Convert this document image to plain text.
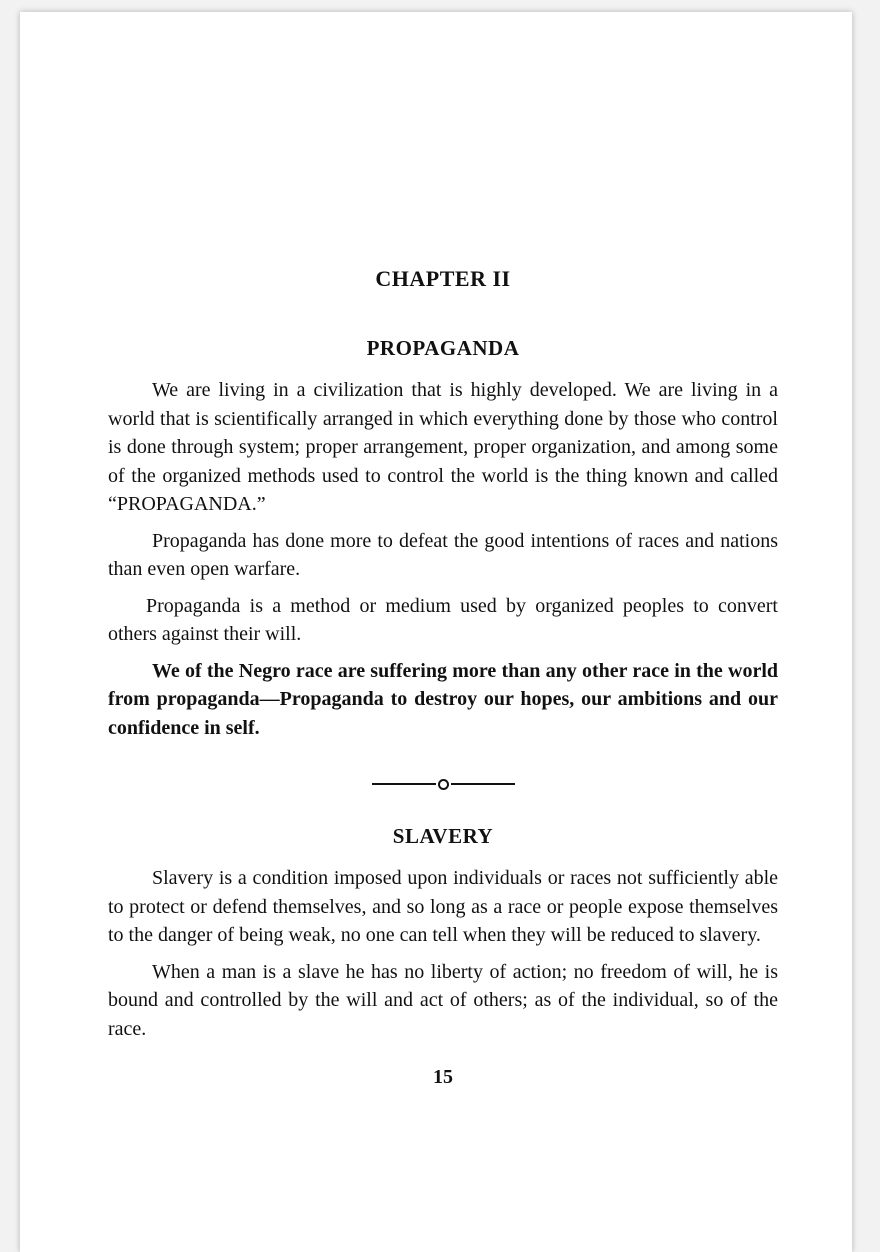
CHAPTER II
PROPAGANDA

We are living in a civilization that is highly developed. We are living in a world that is scientifically arranged in which everything done by those who control is done through system; proper arrangement, proper organization, and among some of the organized methods used to control the world is the thing known and called “PROPAGANDA.”

Propaganda has done more to defeat the good intentions of races and nations than even open warfare.

Propaganda is a method or medium used by organized peoples to convert others against their will.

We of the Negro race are suffering more than any other race in the world from propaganda—Propaganda to destroy our hopes, our ambitions and our confidence in self.

SLAVERY

Slavery is a condition imposed upon individuals or races not sufficiently able to protect or defend themselves, and so long as a race or people expose themselves to the danger of being weak, no one can tell when they will be reduced to slavery.

When a man is a slave he has no liberty of action; no freedom of will, he is bound and controlled by the will and act of others; as of the individual, so of the race.

15
